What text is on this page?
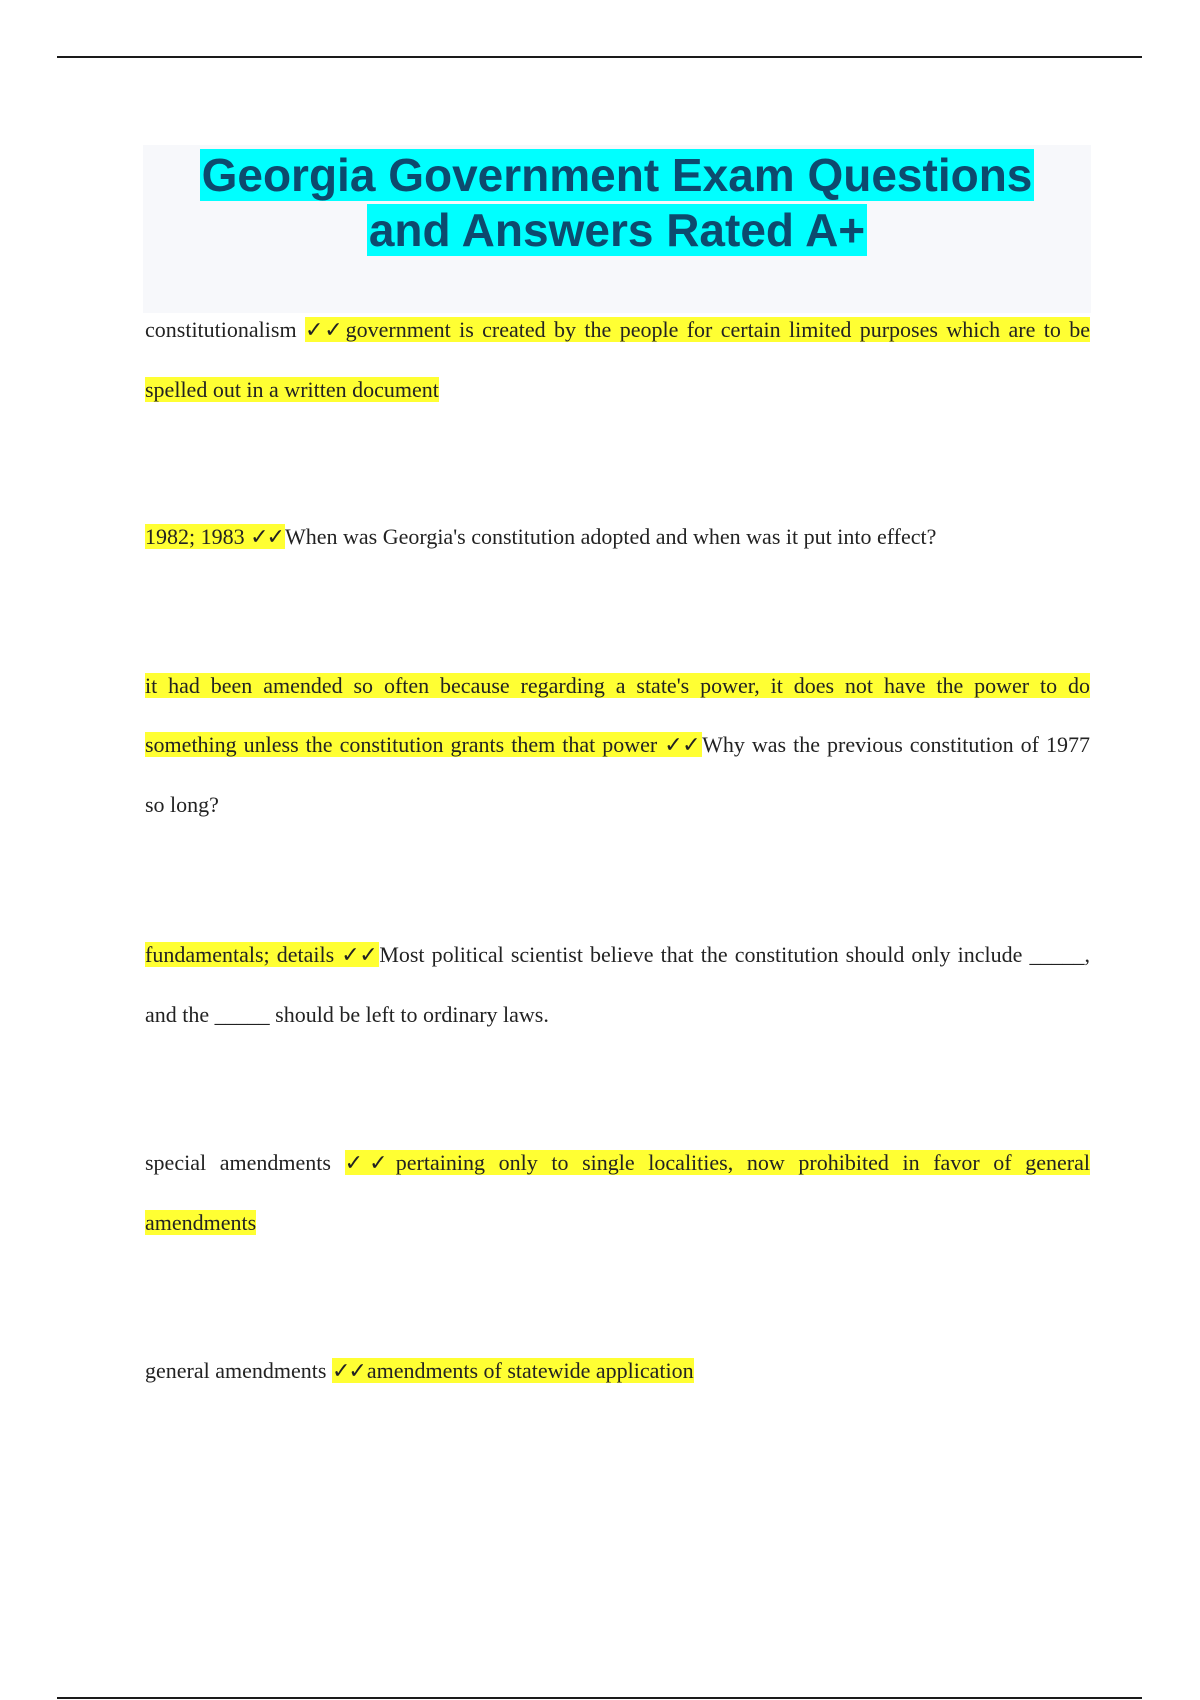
Georgia Government Exam Questions
and Answers Rated A+
constitutionalism ✓✓government is created by the people for certain limited purposes which are to be spelled out in a written document
1982; 1983 ✓✓When was Georgia's constitution adopted and when was it put into effect?
it had been amended so often because regarding a state's power, it does not have the power to do something unless the constitution grants them that power ✓✓Why was the previous constitution of 1977 so long?
fundamentals; details ✓✓Most political scientist believe that the constitution should only include _____, and the _____ should be left to ordinary laws.
special amendments ✓✓pertaining only to single localities, now prohibited in favor of general amendments
general amendments ✓✓amendments of statewide application
